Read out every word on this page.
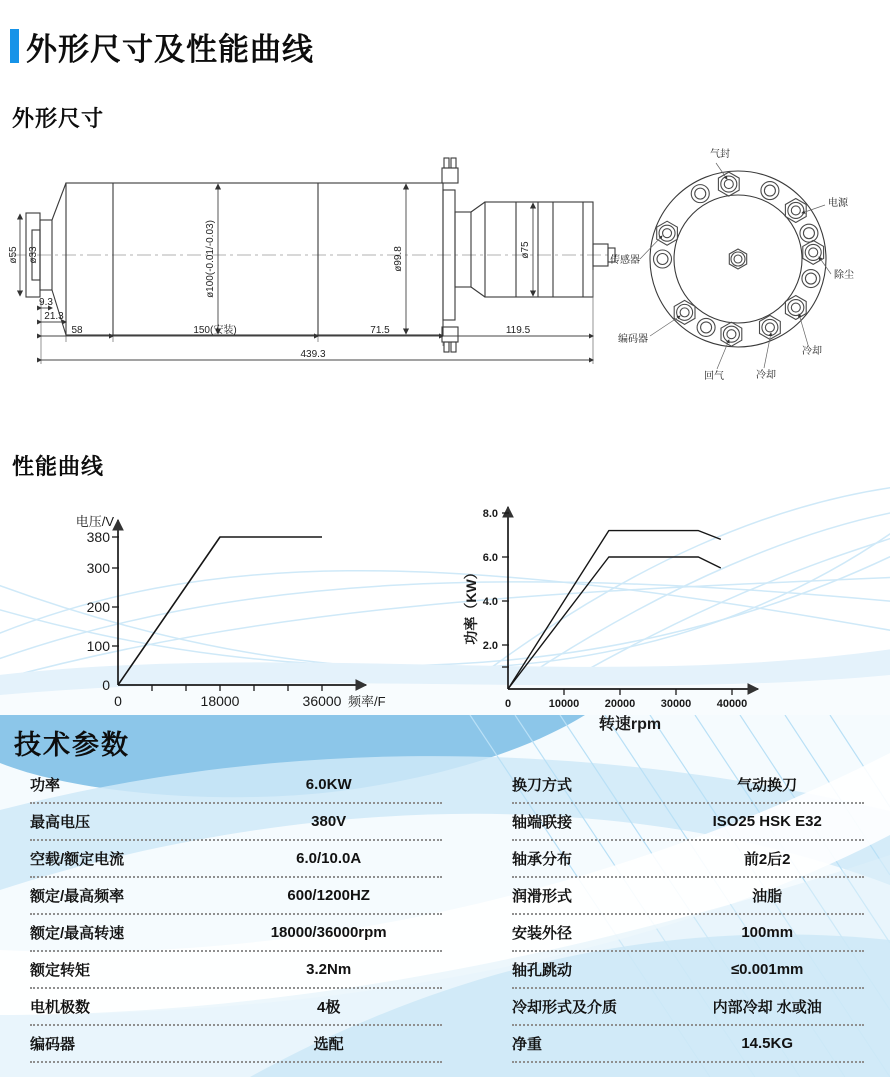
外形尺寸及性能曲线
外形尺寸
ø100(-0.01/-0.03)	ø99.8	ø75
ø55 ø33
9.3
21.3
58	150(安装)	71.5	119.5
439.3
气封
电源
除尘
冷却
冷却
回气
编码器
传感器
性能曲线
0
100
200
300
380
0	18000	36000
电压/V
频率/F
2.0
4.0
6.0
8.0
0	10000 20000 30000 40000
功率（KW）
转速rpm
技术参数
功率	6.0KW
最高电压	380V
空载/额定电流	6.0/10.0A
额定/最高频率	600/1200HZ
额定/最高转速	18000/36000rpm
额定转矩	3.2Nm
电机极数	4极
编码器	选配
换刀方式	气动换刀
轴端联接	ISO25 HSK E32
轴承分布	前2后2
润滑形式	油脂
安装外径	100mm
轴孔跳动	≤0.001mm
冷却形式及介质	内部冷却 水或油
净重	14.5KG
